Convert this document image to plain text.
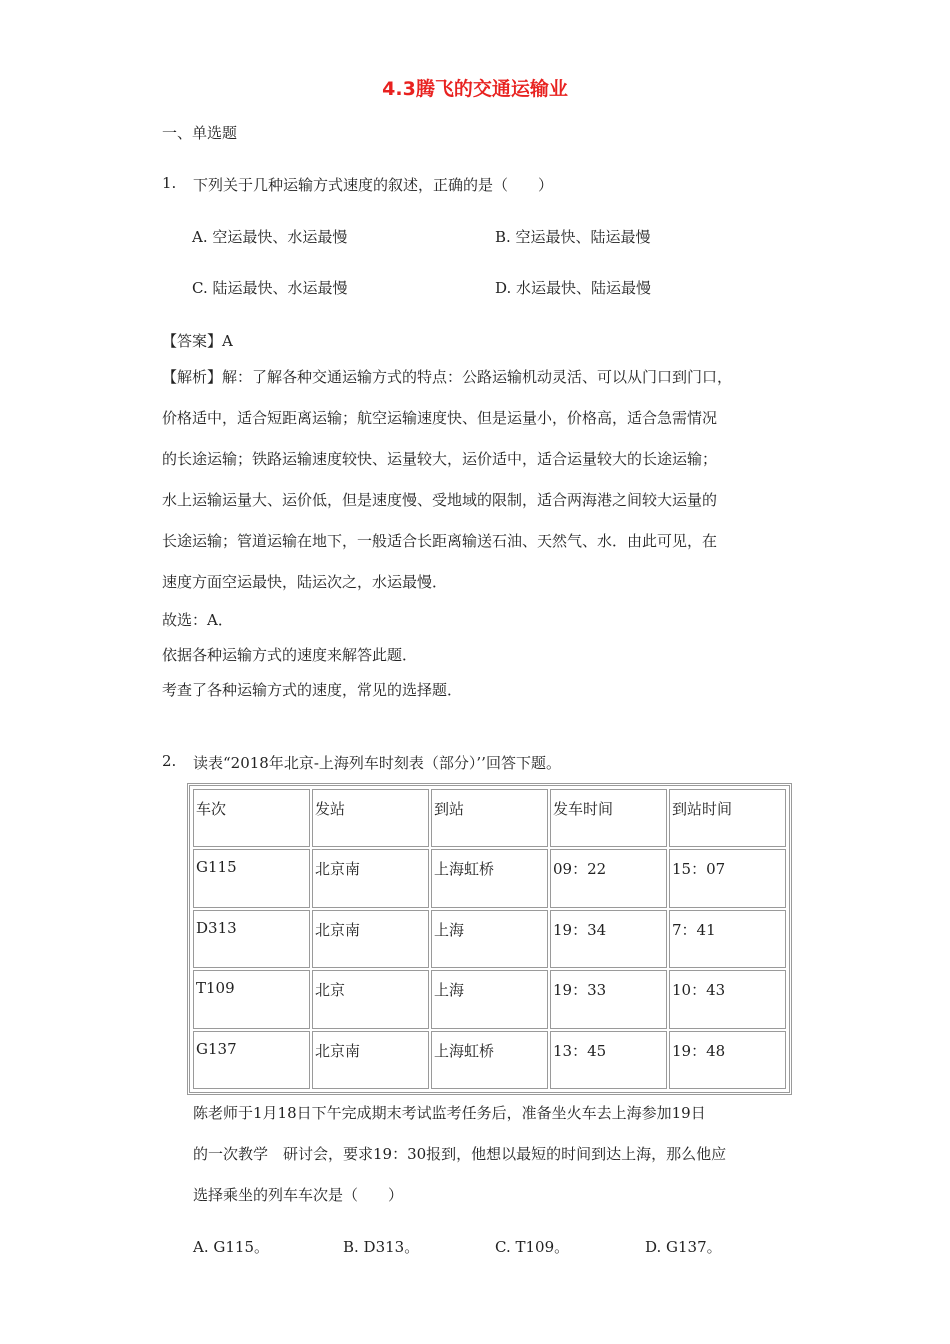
4.3腾飞的交通运输业
一、单选题
1. 下列关于几种运输方式速度的叙述，正确的是（　　）
A. 空运最快、水运最慢	B. 空运最快、陆运最慢
C. 陆运最快、水运最慢	D. 水运最快、陆运最慢
【答案】A
【解析】解：了解各种交通运输方式的特点：公路运输机动灵活、可以从门口到门口，
价格适中，适合短距离运输；航空运输速度快、但是运量小，价格高，适合急需情况
的长途运输；铁路运输速度较快、运量较大，运价适中，适合运量较大的长途运输；
水上运输运量大、运价低，但是速度慢、受地域的限制，适合两海港之间较大运量的
长途运输；管道运输在地下，一般适合长距离输送石油、天然气、水．由此可见，在
速度方面空运最快，陆运次之，水运最慢．
故选：A．
依据各种运输方式的速度来解答此题．
考查了各种运输方式的速度，常见的选择题．
2. 读表“2018年北京-上海列车时刻表（部分）’’回答下题。
车次	发站	到站	发车时间	到站时间
G115	北京南	上海虹桥	09：22	15：07
D313	北京南	上海	19：34	7：41
T109	北京	上海	19：33	10：43
G137	北京南	上海虹桥	13：45	19：48
陈老师于1月18日下午完成期末考试监考任务后，准备坐火车去上海参加19日
的一次教学　研讨会，要求19：30报到，他想以最短的时间到达上海，那么他应
选择乘坐的列车车次是（　　）
A. G115。	B. D313。	C. T109。	D. G137。
